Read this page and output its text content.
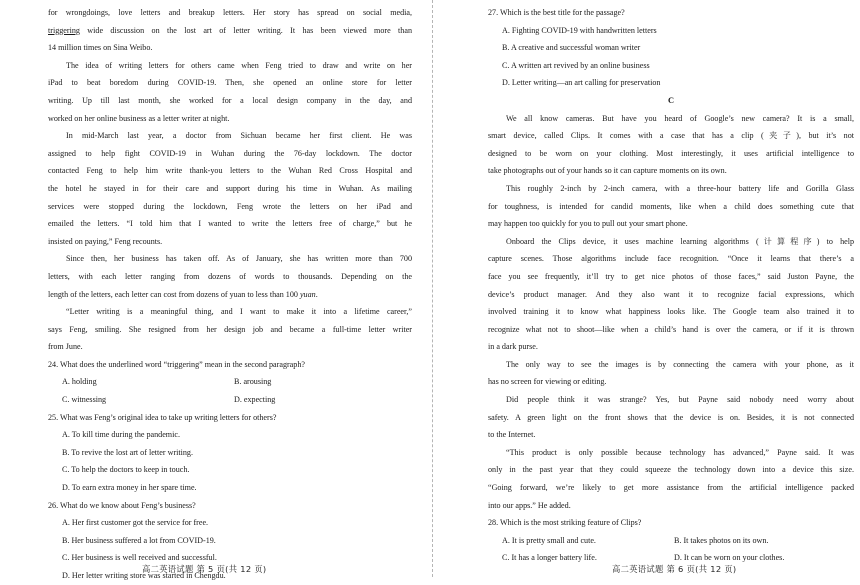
for wrongdoings, love letters and breakup letters. Her story has spread on social media,
triggering wide discussion on the lost art of letter writing. It has been viewed more than
14 million times on Sina Weibo.
The idea of writing letters for others came when Feng tried to draw and write on her
iPad to beat boredom during COVID-19. Then, she opened an online store for letter
writing. Up till last month, she worked for a local design company in the day, and
worked on her online business as a letter writer at night.
In mid-March last year, a doctor from Sichuan became her first client. He was
assigned to help fight COVID-19 in Wuhan during the 76-day lockdown. The doctor
contacted Feng to help him write thank-you letters to the Wuhan Red Cross Hospital and
the hotel he stayed in for their care and support during his time in Wuhan. As mailing
services were stopped during the lockdown, Feng wrote the letters on her iPad and
emailed the letters. “I told him that I wanted to write the letters free of charge,” but he
insisted on paying,” Feng recounts.
Since then, her business has taken off. As of January, she has written more than 700
letters, with each letter ranging from dozens of words to thousands. Depending on the
length of the letters, each letter can cost from dozens of yuan to less than 100 yuan.
“Letter writing is a meaningful thing, and I want to make it into a lifetime career,”
says Feng, smiling. She resigned from her design job and became a full-time letter writer
from June.
24. What does the underlined word “triggering” mean in the second paragraph?
A. holding	B. arousing
C. witnessing	D. expecting
25. What was Feng’s original idea to take up writing letters for others?
A. To kill time during the pandemic.
B. To revive the lost art of letter writing.
C. To help the doctors to keep in touch.
D. To earn extra money in her spare time.
26. What do we know about Feng’s business?
A. Her first customer got the service for free.
B. Her business suffered a lot from COVID-19.
C. Her business is well received and successful.
D. Her letter writing store was started in Chengdu.
高二英语试题 第 5 页(共 12 页)
27. Which is the best title for the passage?
A. Fighting COVID-19 with handwritten letters
B. A creative and successful woman writer
C. A written art revived by an online business
D. Letter writing—an art calling for preservation
C
We all know cameras. But have you heard of Google’s new camera? It is a small,
smart device, called Clips. It comes with a case that has a clip (夹子), but it’s not
designed to be worn on your clothing. Most interestingly, it uses artificial intelligence to
take photographs out of your hands so it can capture moments on its own.
This roughly 2-inch by 2-inch camera, with a three-hour battery life and Gorilla Glass
for toughness, is intended for candid moments, like when a child does something cute that
may happen too quickly for you to pull out your smart phone.
Onboard the Clips device, it uses machine learning algorithms (计算程序) to help
capture scenes. Those algorithms include face recognition. “Once it learns that there’s a
face you see frequently, it’ll try to get nice photos of those faces,” said Juston Payne, the
device’s product manager. And they also want it to recognize facial expressions, which
involved training it to know what happiness looks like. The Google team also trained it to
recognize what not to shoot—like when a child’s hand is over the camera, or if it is thrown
in a dark purse.
The only way to see the images is by connecting the camera with your phone, as it
has no screen for viewing or editing.
Did people think it was strange? Yes, but Payne said nobody need worry about
safety. A green light on the front shows that the device is on. Besides, it is not connected
to the Internet.
“This product is only possible because technology has advanced,” Payne said. It was
only in the past year that they could squeeze the technology down into a device this size.
“Going forward, we’re likely to get more assistance from the artificial intelligence packed
into our apps.” He added.
28. Which is the most striking feature of Clips?
A. It is pretty small and cute.	B. It takes photos on its own.
C. It has a longer battery life.	D. It can be worn on your clothes.
高二英语试题 第 6 页(共 12 页)
